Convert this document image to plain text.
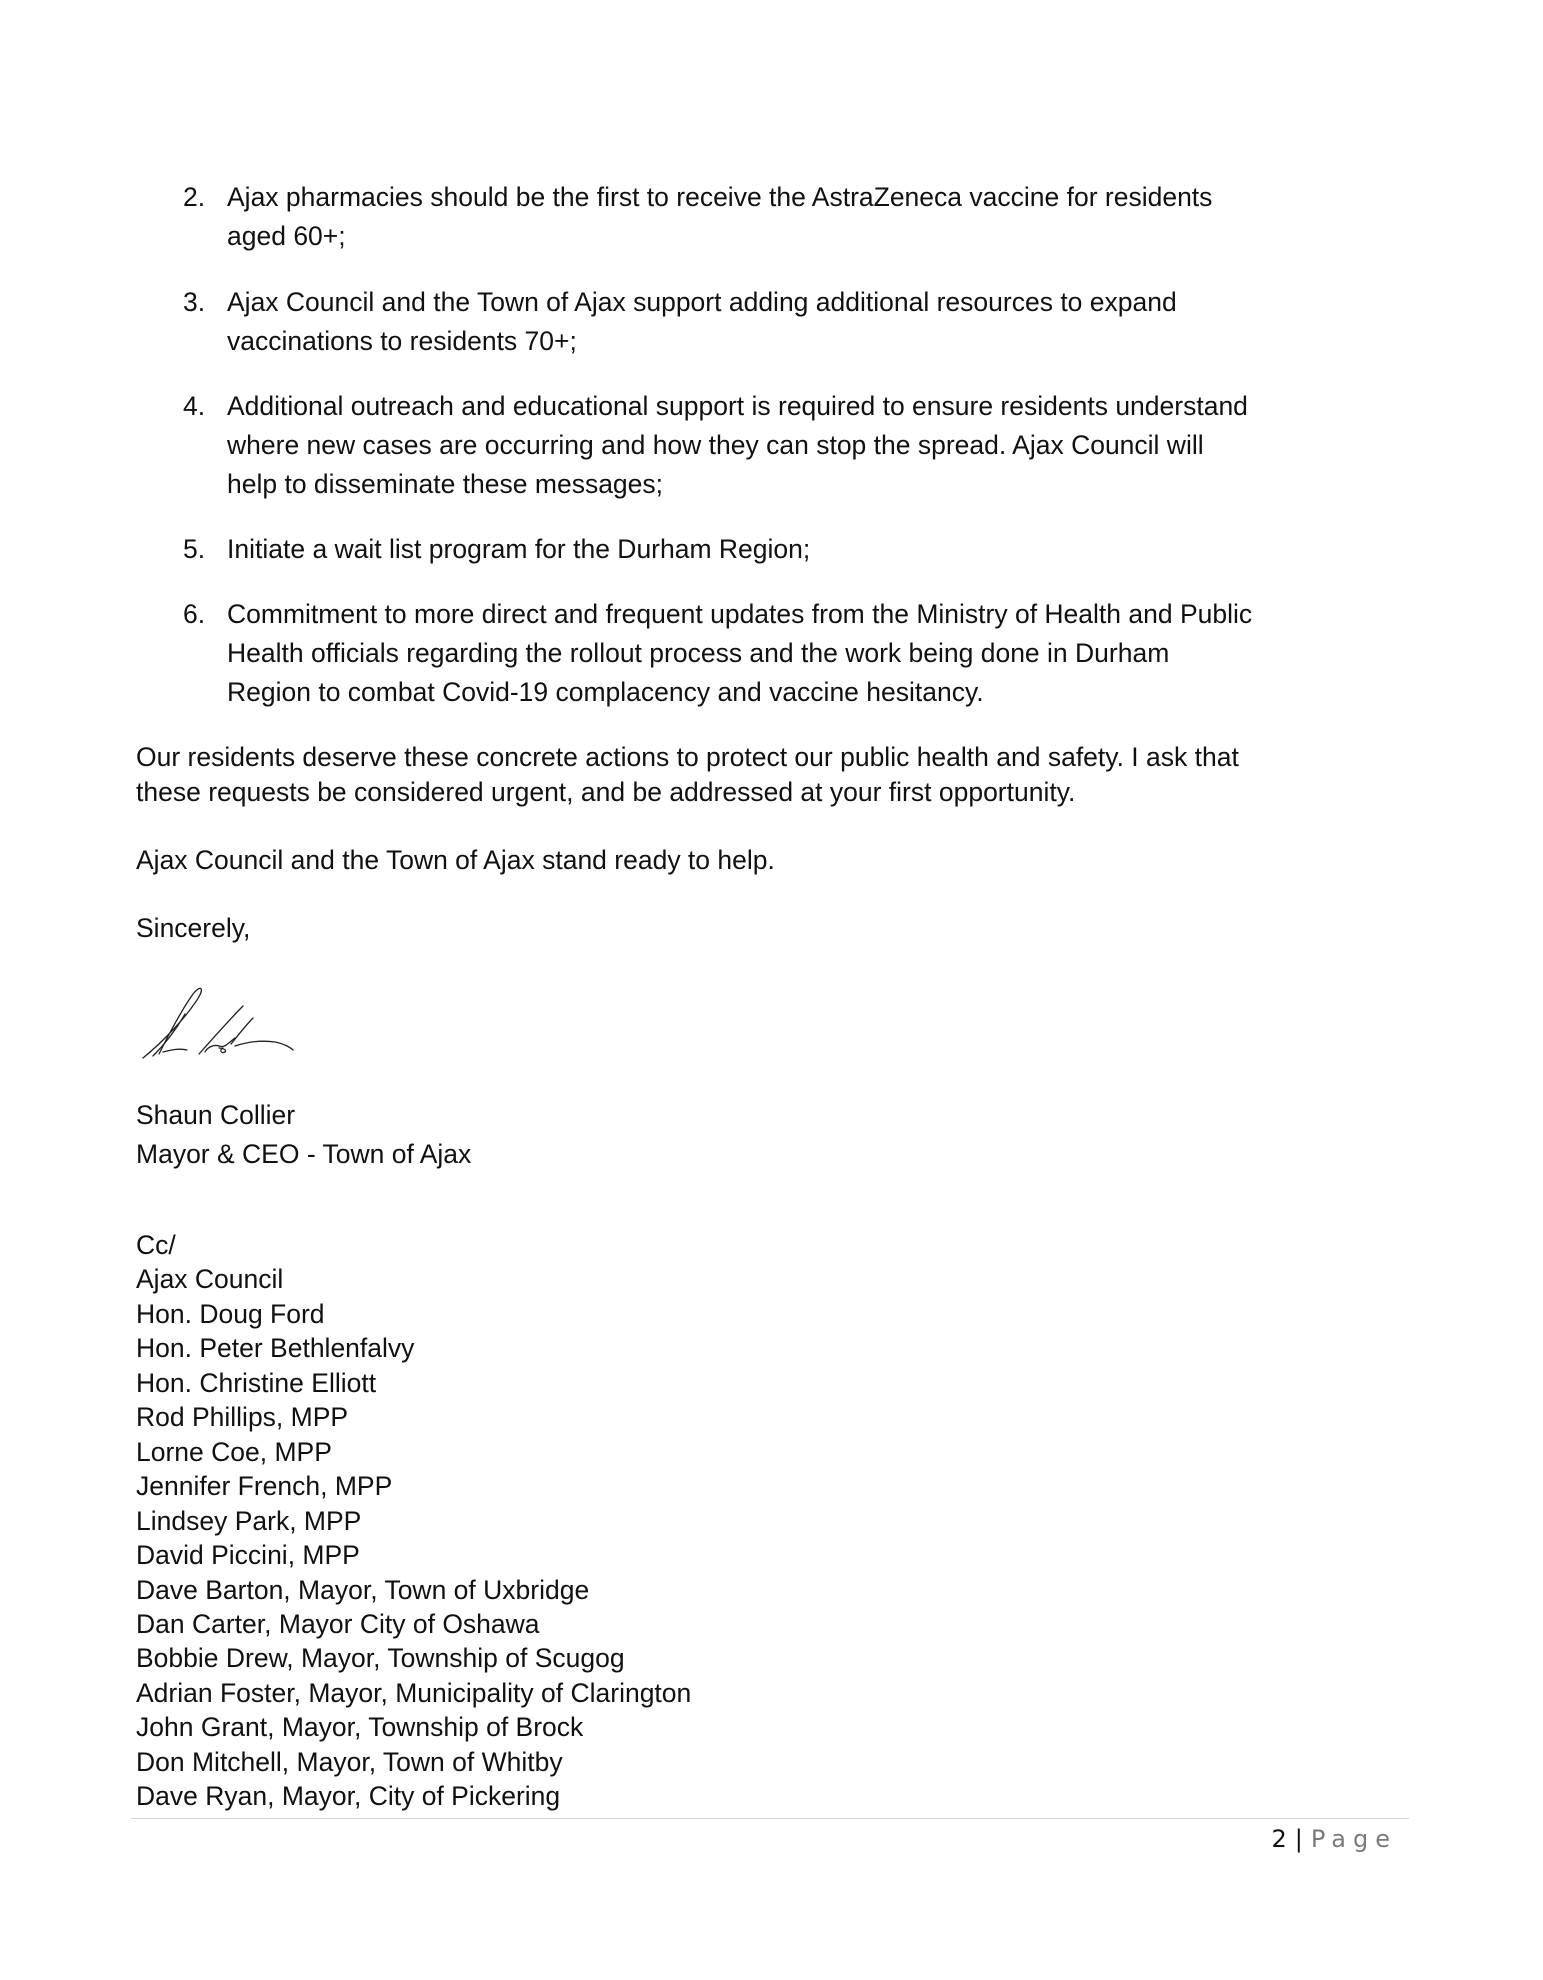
2. Ajax pharmacies should be the first to receive the AstraZeneca vaccine for residents
aged 60+;
3. Ajax Council and the Town of Ajax support adding additional resources to expand
vaccinations to residents 70+;
4. Additional outreach and educational support is required to ensure residents understand
where new cases are occurring and how they can stop the spread. Ajax Council will
help to disseminate these messages;
5. Initiate a wait list program for the Durham Region;
6. Commitment to more direct and frequent updates from the Ministry of Health and Public
Health officials regarding the rollout process and the work being done in Durham
Region to combat Covid-19 complacency and vaccine hesitancy.
Our residents deserve these concrete actions to protect our public health and safety. I ask that
these requests be considered urgent, and be addressed at your first opportunity.
Ajax Council and the Town of Ajax stand ready to help.
Sincerely,
Shaun Collier
Mayor & CEO - Town of Ajax
Cc/
Ajax Council
Hon. Doug Ford
Hon. Peter Bethlenfalvy
Hon. Christine Elliott
Rod Phillips, MPP
Lorne Coe, MPP
Jennifer French, MPP
Lindsey Park, MPP
David Piccini, MPP
Dave Barton, Mayor, Town of Uxbridge
Dan Carter, Mayor City of Oshawa
Bobbie Drew, Mayor, Township of Scugog
Adrian Foster, Mayor, Municipality of Clarington
John Grant, Mayor, Township of Brock
Don Mitchell, Mayor, Town of Whitby
Dave Ryan, Mayor, City of Pickering
2 | Page
